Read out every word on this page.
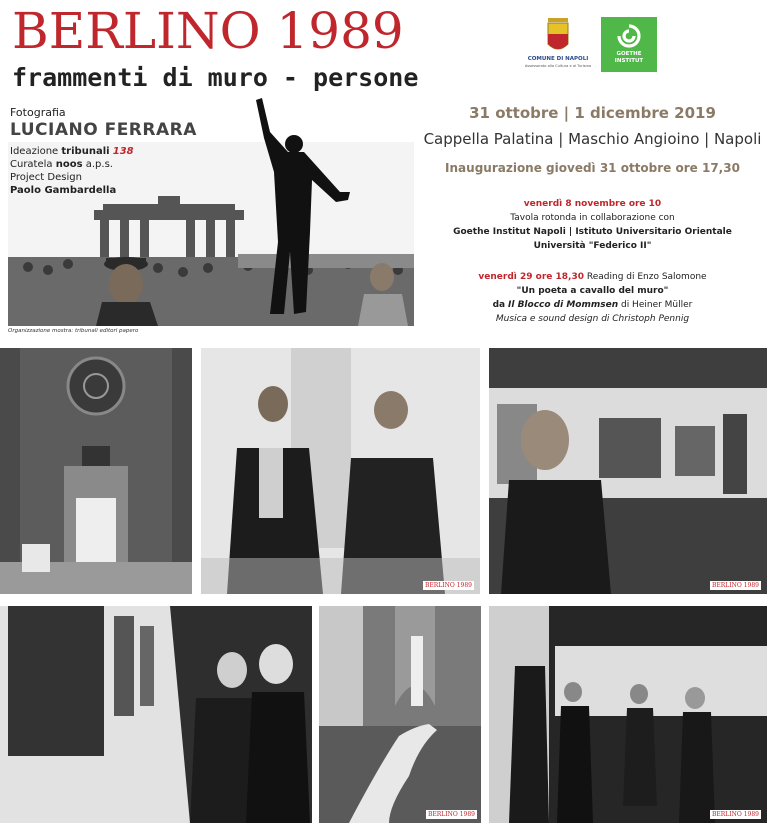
BERLINO 1989
frammenti di muro - persone
Fotografia
LUCIANO FERRARA
Ideazione tribunali 138
Curatela noos a.p.s.
Project Design
Paolo Gambardella
Organizzazione mostra: tribunali editori papero
COMUNE DI NAPOLI
Assessorato alla Cultura e al Turismo
GOETHE INSTITUT
31 ottobre | 1 dicembre 2019
Cappella Palatina | Maschio Angioino | Napoli
Inaugurazione giovedì 31 ottobre ore 17,30
venerdì 8 novembre ore 10
Tavola rotonda in collaborazione con
Goethe Institut Napoli | Istituto Universitario Orientale
Università "Federico II"
venerdì 29 ore 18,30 Reading di Enzo Salomone
"Un poeta a cavallo del muro"
da Il Blocco di Mommsen di Heiner Müller
Musica e sound design di Christoph Pennig
BERLINO 1989	BERLINO 1989
BERLINO 1989	BERLINO 1989
